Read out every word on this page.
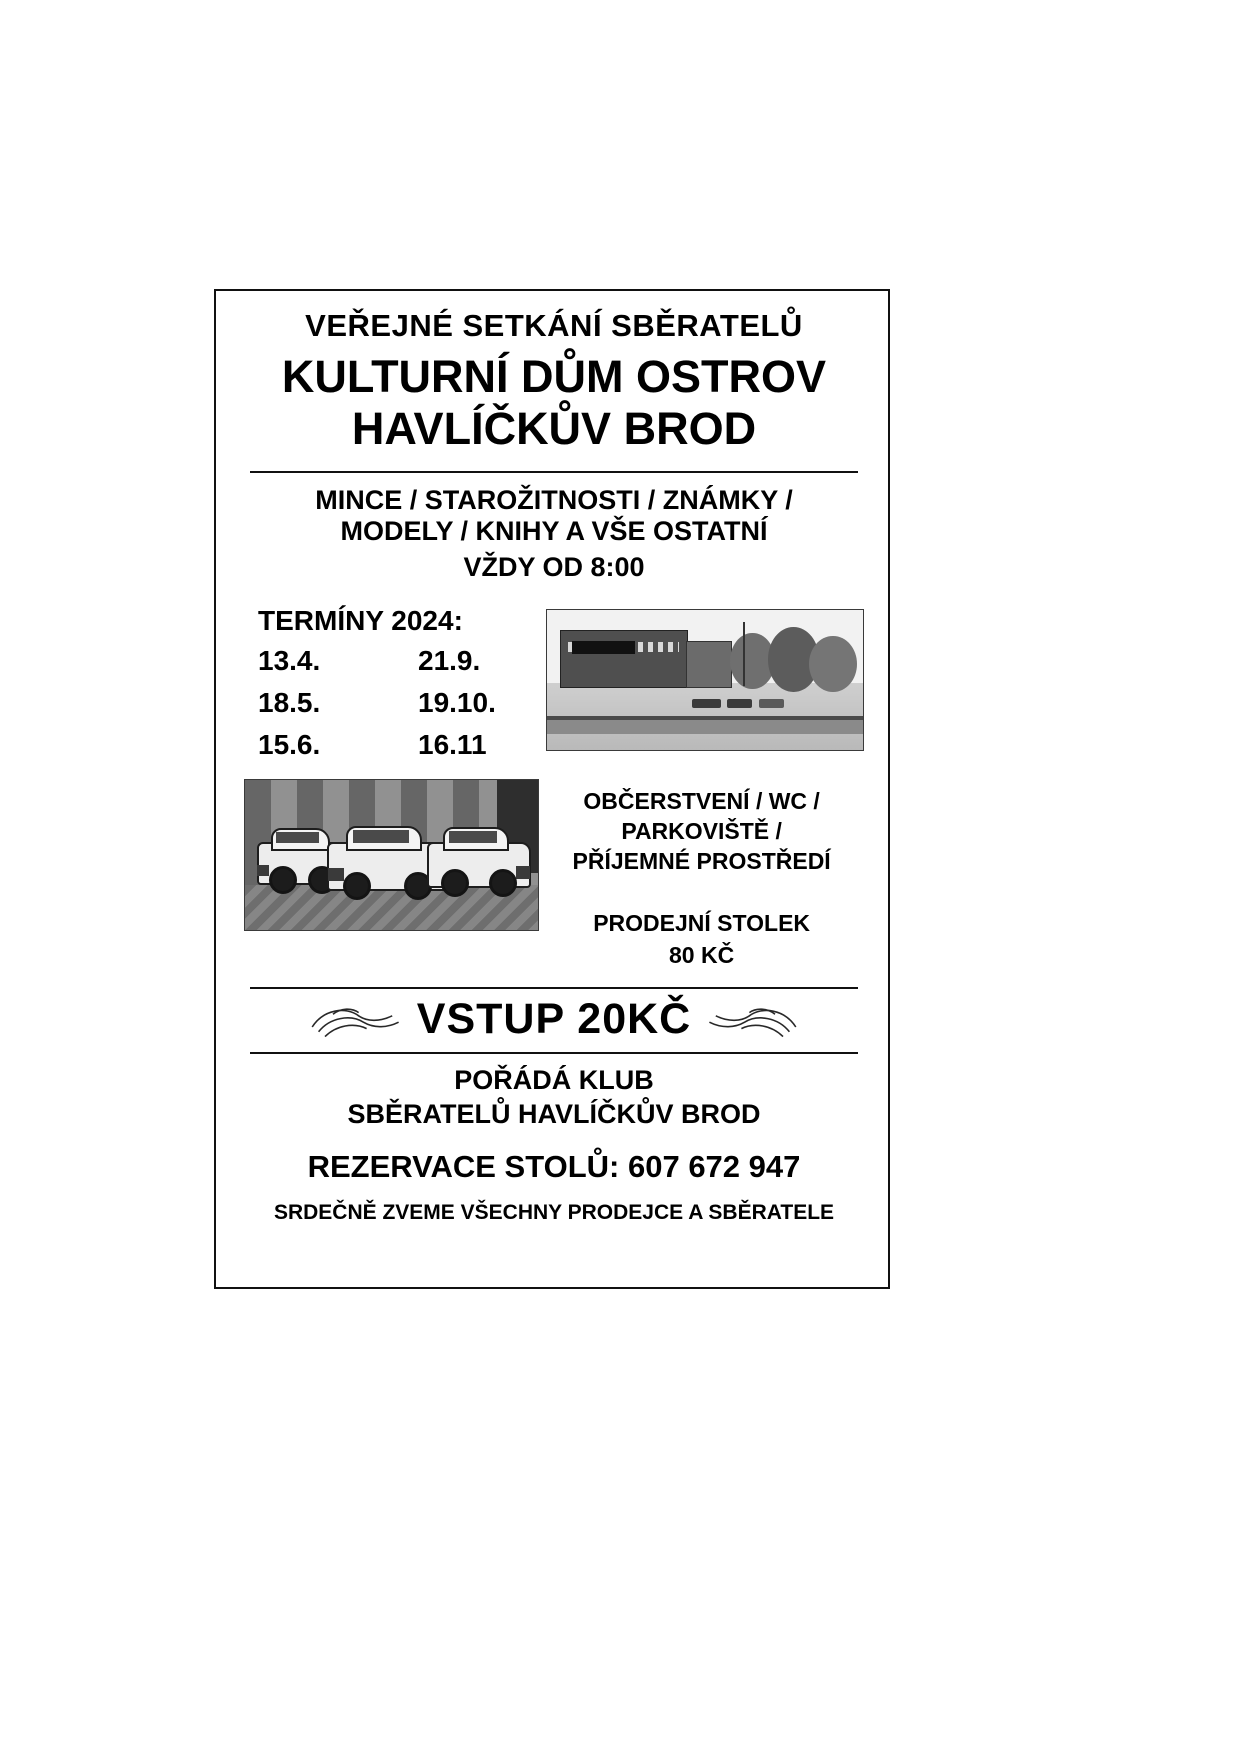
VEŘEJNÉ SETKÁNÍ SBĚRATELŮ
KULTURNÍ DŮM OSTROV
HAVLÍČKŮV BROD
MINCE / STAROŽITNOSTI / ZNÁMKY /
MODELY / KNIHY A VŠE OSTATNÍ
VŽDY OD 8:00
TERMÍNY 2024:
13.4.	21.9.
18.5.	19.10.
15.6.	16.11
OBČERSTVENÍ / WC /
PARKOVIŠTĚ /
PŘÍJEMNÉ PROSTŘEDÍ
PRODEJNÍ STOLEK
80 KČ
VSTUP 20KČ
POŘÁDÁ KLUB
SBĚRATELŮ HAVLÍČKŮV BROD
REZERVACE STOLŮ: 607 672 947
SRDEČNĚ ZVEME VŠECHNY PRODEJCE A SBĚRATELE
